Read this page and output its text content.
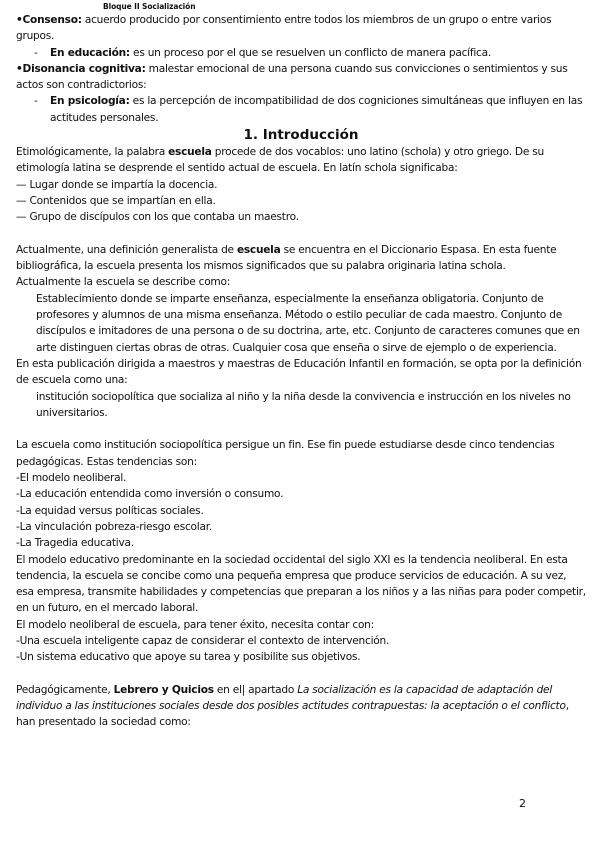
Bloque II Socialización

•Consenso: acuerdo producido por consentimiento entre todos los miembros de un grupo o entre varios grupos.

- En educación: es un proceso por el que se resuelven un conflicto de manera pacífica.

•Disonancia cognitiva: malestar emocional de una persona cuando sus convicciones o sentimientos y sus actos son contradictorios:

- En psicología: es la percepción de incompatibilidad de dos cogniciones simultáneas que influyen en las actitudes personales.

1. Introducción

Etimológicamente, la palabra escuela procede de dos vocablos: uno latino (schola) y otro griego. De su etimología latina se desprende el sentido actual de escuela. En latín schola significaba:

— Lugar donde se impartía la docencia.

— Contenidos que se impartían en ella.

— Grupo de discípulos con los que contaba un maestro.

Actualmente, una definición generalista de escuela se encuentra en el Diccionario Espasa. En esta fuente bibliográfica, la escuela presenta los mismos significados que su palabra originaria latina schola.

Actualmente la escuela se describe como:

Establecimiento donde se imparte enseñanza, especialmente la enseñanza obligatoria. Conjunto de profesores y alumnos de una misma enseñanza. Método o estilo peculiar de cada maestro. Conjunto de discípulos e imitadores de una persona o de su doctrina, arte, etc. Conjunto de caracteres comunes que en arte distinguen ciertas obras de otras. Cualquier cosa que enseña o sirve de ejemplo o de experiencia.

En esta publicación dirigida a maestros y maestras de Educación Infantil en formación, se opta por la definición de escuela como una:

institución sociopolítica que socializa al niño y la niña desde la convivencia e instrucción en los niveles no universitarios.

La escuela como institución sociopolítica persigue un fin. Ese fin puede estudiarse desde cinco tendencias pedagógicas. Estas tendencias son:

-El modelo neoliberal.

-La educación entendida como inversión o consumo.

-La equidad versus políticas sociales.

-La vinculación pobreza-riesgo escolar.

-La Tragedia educativa.

El modelo educativo predominante en la sociedad occidental del siglo XXI es la tendencia neoliberal. En esta tendencia, la escuela se concibe como una pequeña empresa que produce servicios de educación. A su vez, esa empresa, transmite habilidades y competencias que preparan a los niños y a las niñas para poder competir, en un futuro, en el mercado laboral.

El modelo neoliberal de escuela, para tener éxito, necesita contar con:

-Una escuela inteligente capaz de considerar el contexto de intervención.

-Un sistema educativo que apoye su tarea y posibilite sus objetivos.

Pedagógicamente, Lebrero y Quicios en el| apartado La socialización es la capacidad de adaptación del individuo a las instituciones sociales desde dos posibles actitudes contrapuestas: la aceptación o el conflicto, han presentado la sociedad como:

2
